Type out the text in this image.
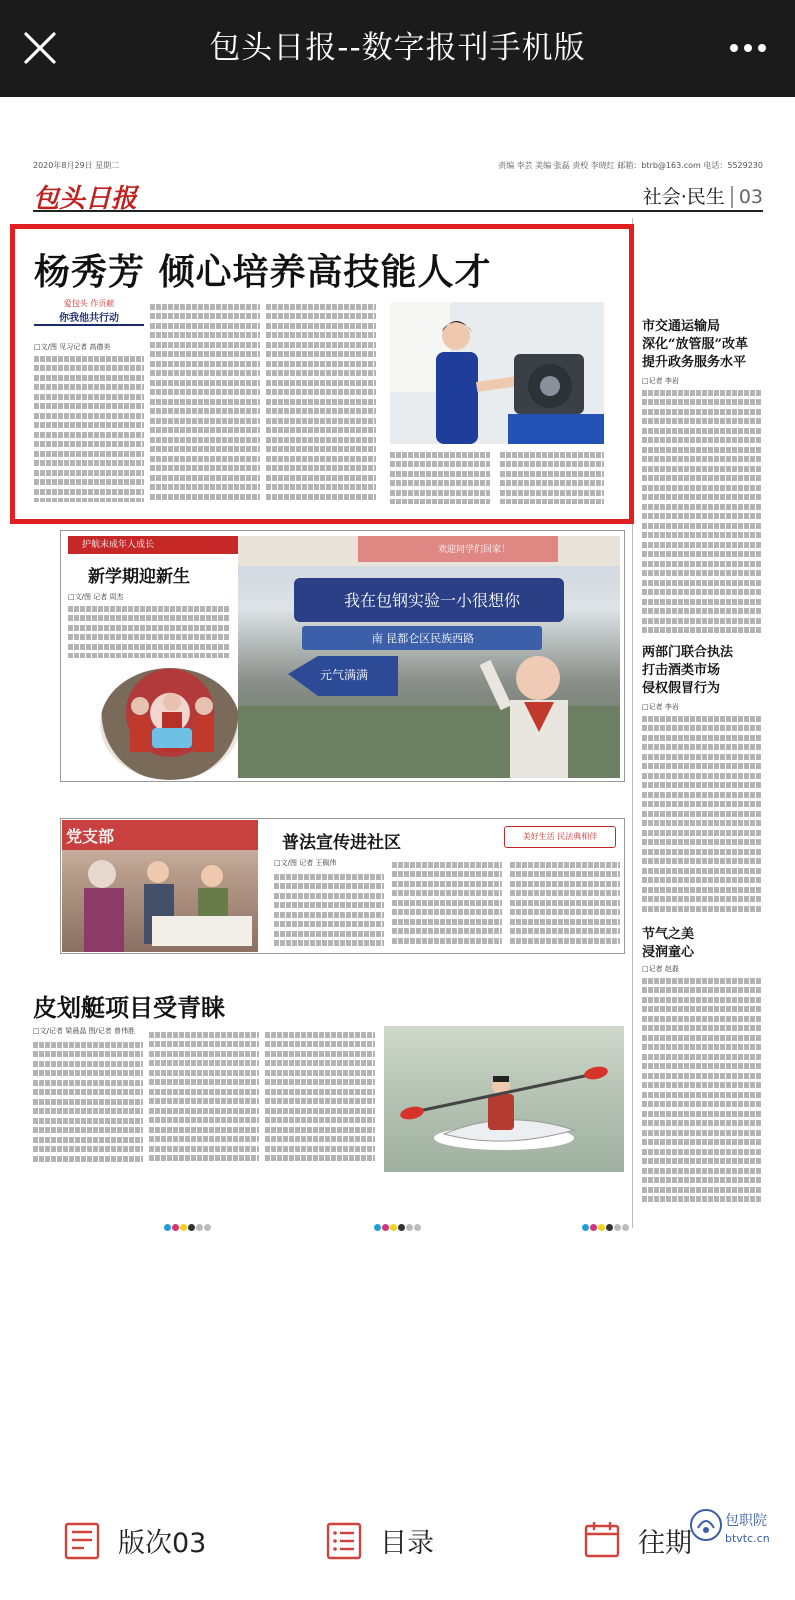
包头日报--数字报刊手机版
2020年8月29日 星期二	责编 李芸 美编 张磊 责校 李晓红 邮箱：btrb@163.com 电话：5529230
包头日报	社会·民生 03
市交通运输局
深化“放管服”改革
提升政务服务水平
□记者 李岩
两部门联合执法
打击酒类市场
侵权假冒行为
□记者 李岩
节气之美
浸润童心
□记者 赵磊
护航未成年人成长
新学期迎新生
□文/图 记者 周杰	我在包钢实验一小很想你
南 昆都仑区民族西路
元气满满
欢迎同学们回家！
党支部	普法宣传进社区	美好生活 民法典相伴
□文/图 记者 王佩伟
皮划艇项目受青睐
□文/记者 梁晨晶 图/记者 曾伟胜
杨秀芳 倾心培养高技能人才
爱包头 作贡献
你我他共行动
□文/图 见习记者 高德美
版次03	目录	往期
包职院
btvtc.cn
